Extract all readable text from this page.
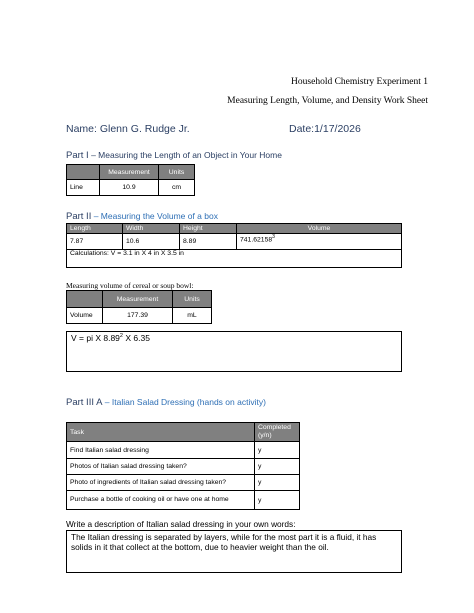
Household Chemistry Experiment 1
Measuring Length, Volume, and Density Work Sheet
Name: Glenn G. Rudge Jr.	Date:1/17/2026
Part I – Measuring the Length of an Object in Your Home
	Measurement	Units
Line	10.9	cm
Part II – Measuring the Volume of a box
Length	Width	Height	Volume
7.87	10.6	8.89	741.62158$^3$
Calculations: V = 3.1 in X 4 in X 3.5 in			
Measuring volume of cereal or soup bowl:
	Measurement	Units
Volume	177.39	mL
V = pi X 8.89$^2$ X 6.35
Part III A – Italian Salad Dressing (hands on activity)
Task	Completed (y/n)
Find Italian salad dressing	y
Photos of Italian salad dressing taken?	y
Photo of ingredients of Italian salad dressing taken?	y
Purchase a bottle of cooking oil or have one at home	y
Write a description of Italian salad dressing in your own words:
The Italian dressing is separated by layers, while for the most part it is a fluid, it has solids in it that collect at the bottom, due to heavier weight than the oil.
